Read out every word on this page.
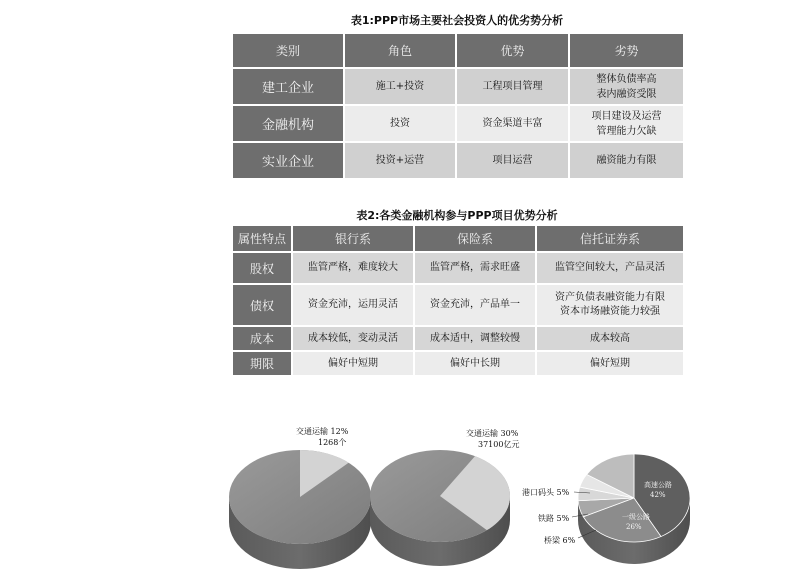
表1:PPP市场主要社会投资人的优劣势分析
类别	角色	优势	劣势
建工企业	施工+投资	工程项目管理	整体负债率高
表内融资受限

金融机构	投资	资金渠道丰富	项目建设及运营
管理能力欠缺

实业企业	投资+运营	项目运营	融资能力有限
表2:各类金融机构参与PPP项目优势分析
属性特点	银行系	保险系	信托证券系
股权	监管严格，难度较大	监管严格，需求旺盛	监管空间较大，产品灵活
债权	资金充沛，运用灵活	资金充沛，产品单一	资产负债表融资能力有限
资本市场融资能力较强

成本	成本较低，变动灵活	成本适中，调整较慢	成本较高
期限	偏好中短期	偏好中长期	偏好短期
交通运输 12%
1268个
交通运输 30%
37100亿元
高速公路
42%
一级公路
26%
港口码头 5%
铁路 5%
桥梁 6%
